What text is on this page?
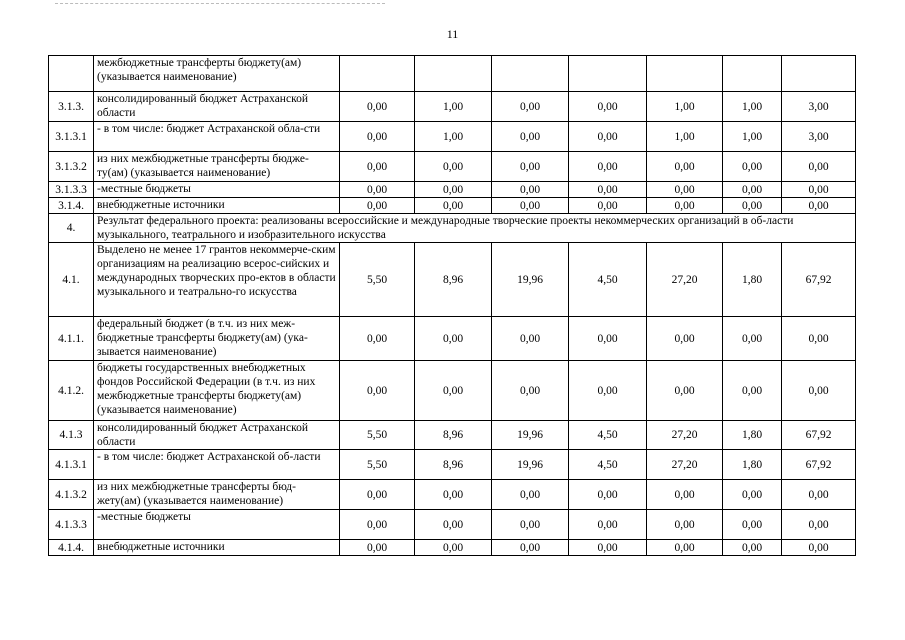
11
	межбюджетные трансферты бюджету(ам) (указывается наименование)							
3.1.3.	консолидированный бюджет Астраханской области	0,00	1,00	0,00	0,00	1,00	1,00	3,00
3.1.3.1	- в том числе: бюджет Астраханской обла-сти	0,00	1,00	0,00	0,00	1,00	1,00	3,00
3.1.3.2	из них межбюджетные трансферты бюдже-ту(ам) (указывается наименование)	0,00	0,00	0,00	0,00	0,00	0,00	0,00
3.1.3.3	-местные бюджеты	0,00	0,00	0,00	0,00	0,00	0,00	0,00
3.1.4.	внебюджетные источники	0,00	0,00	0,00	0,00	0,00	0,00	0,00
4.	Результат федерального проекта: реализованы всероссийские и международные творческие проекты некоммерческих организаций в об-ласти музыкального, театрального и изобразительного искусства							
4.1.	Выделено не менее 17 грантов некоммерче-ским организациям на реализацию всерос-сийских и международных творческих про-ектов в области музыкального и театрально-го искусства	5,50	8,96	19,96	4,50	27,20	1,80	67,92
4.1.1.	федеральный бюджет (в т.ч. из них меж-бюджетные трансферты бюджету(ам) (ука-зывается наименование)	0,00	0,00	0,00	0,00	0,00	0,00	0,00
4.1.2.	бюджеты государственных внебюджетных фондов Российской Федерации (в т.ч. из них межбюджетные трансферты бюджету(ам) (указывается наименование)	0,00	0,00	0,00	0,00	0,00	0,00	0,00
4.1.3	консолидированный бюджет Астраханской области	5,50	8,96	19,96	4,50	27,20	1,80	67,92
4.1.3.1	- в том числе: бюджет Астраханской об-ласти	5,50	8,96	19,96	4,50	27,20	1,80	67,92
4.1.3.2	из них межбюджетные трансферты бюд-жету(ам) (указывается наименование)	0,00	0,00	0,00	0,00	0,00	0,00	0,00
4.1.3.3	-местные бюджеты	0,00	0,00	0,00	0,00	0,00	0,00	0,00
4.1.4.	внебюджетные источники	0,00	0,00	0,00	0,00	0,00	0,00	0,00
